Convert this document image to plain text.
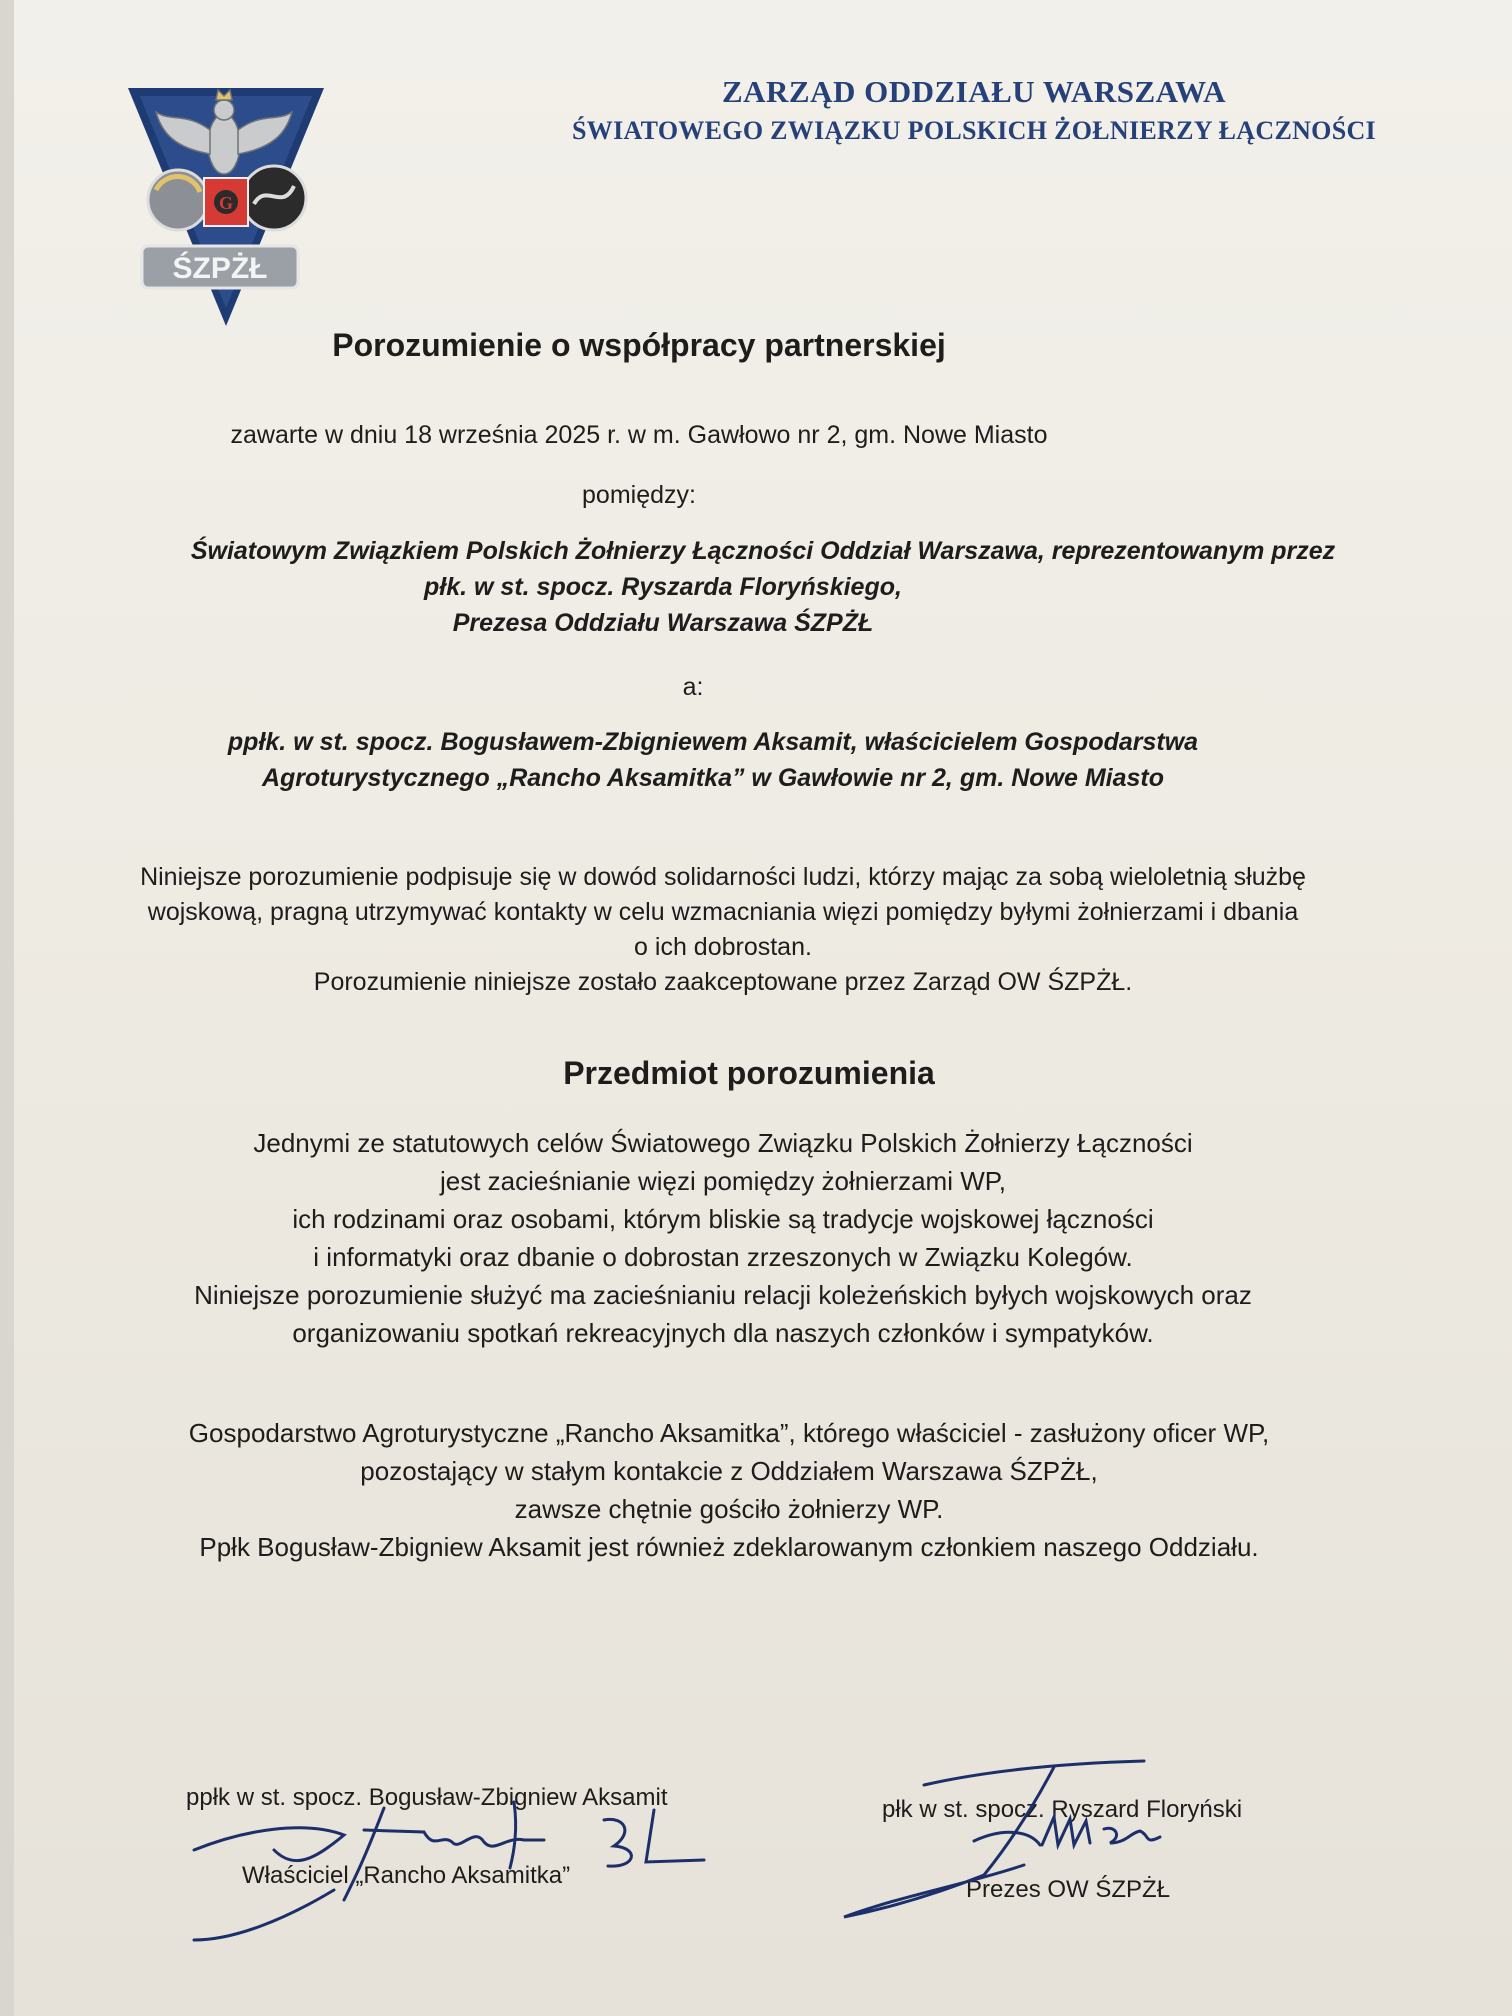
G
ŚZPŻŁ
ZARZĄD ODDZIAŁU WARSZAWA
ŚWIATOWEGO ZWIĄZKU POLSKICH ŻOŁNIERZY ŁĄCZNOŚCI
Porozumienie o współpracy partnerskiej
zawarte w dniu 18 września 2025 r. w m. Gawłowo nr 2, gm. Nowe Miasto
pomiędzy:
Światowym Związkiem Polskich Żołnierzy Łączności Oddział Warszawa, reprezentowanym przez
płk. w st. spocz. Ryszarda Floryńskiego,
Prezesa Oddziału Warszawa ŚZPŻŁ
a:
ppłk. w st. spocz. Bogusławem-Zbigniewem Aksamit, właścicielem Gospodarstwa
Agroturystycznego „Rancho Aksamitka” w Gawłowie nr 2, gm. Nowe Miasto
Niniejsze porozumienie podpisuje się w dowód solidarności ludzi, którzy mając za sobą wieloletnią służbę
wojskową, pragną utrzymywać kontakty w celu wzmacniania więzi pomiędzy byłymi żołnierzami i dbania
o ich dobrostan.
Porozumienie niniejsze zostało zaakceptowane przez Zarząd OW ŚZPŻŁ.
Przedmiot porozumienia
Jednymi ze statutowych celów Światowego Związku Polskich Żołnierzy Łączności
jest zacieśnianie więzi pomiędzy żołnierzami WP,
ich rodzinami oraz osobami, którym bliskie są tradycje wojskowej łączności
i informatyki oraz dbanie o dobrostan zrzeszonych w Związku Kolegów.
Niniejsze porozumienie służyć ma zacieśnianiu relacji koleżeńskich byłych wojskowych oraz
organizowaniu spotkań rekreacyjnych dla naszych członków i sympatyków.
Gospodarstwo Agroturystyczne „Rancho Aksamitka”, którego właściciel - zasłużony oficer WP,
pozostający w stałym kontakcie z Oddziałem Warszawa ŚZPŻŁ,
zawsze chętnie gościło żołnierzy WP.
Ppłk Bogusław-Zbigniew Aksamit jest również zdeklarowanym członkiem naszego Oddziału.
ppłk w st. spocz. Bogusław-Zbigniew Aksamit
Właściciel „Rancho Aksamitka”
płk w st. spocz. Ryszard Floryński
Prezes OW ŚZPŻŁ
